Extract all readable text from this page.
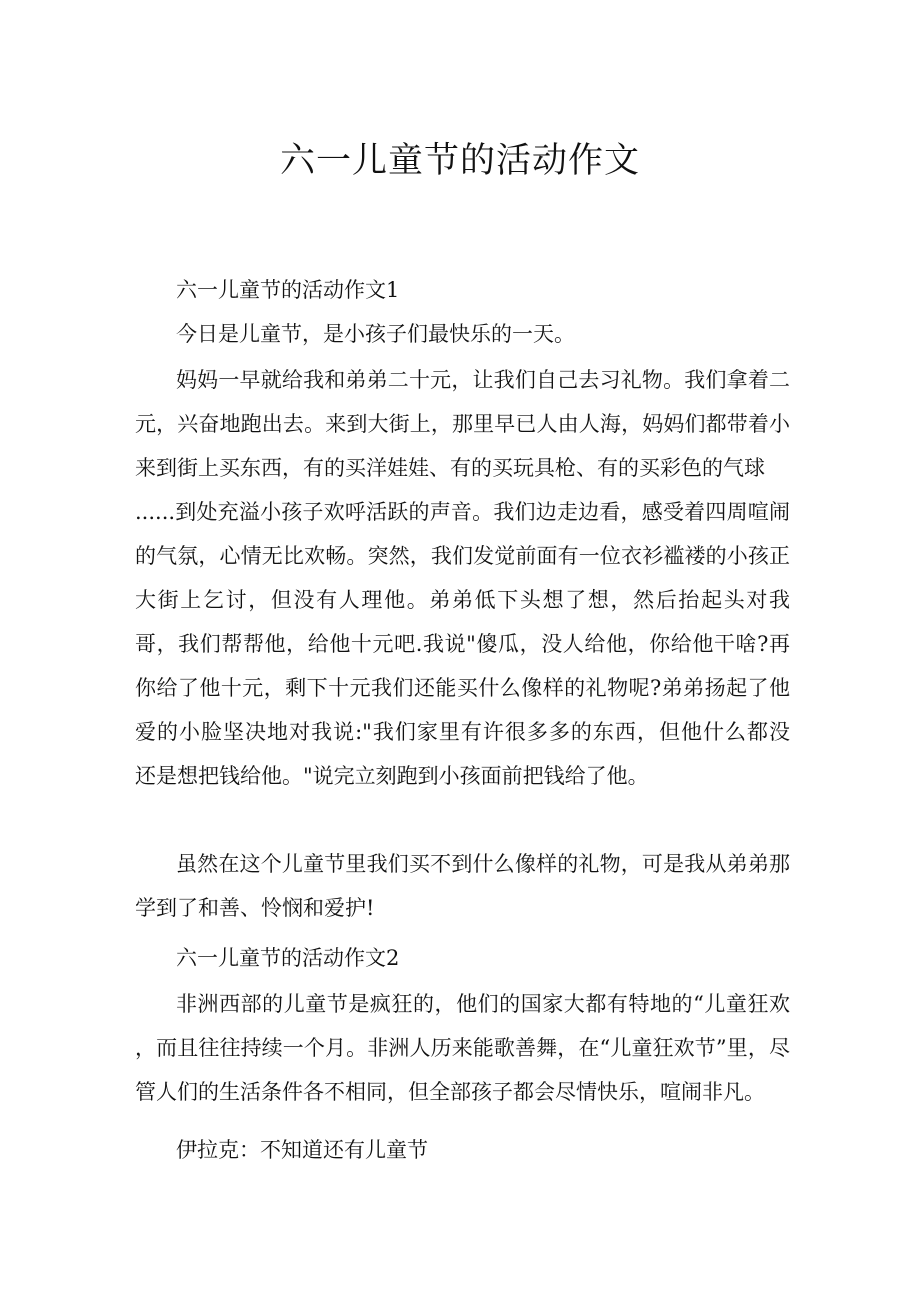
六一儿童节的活动作文
六一儿童节的活动作文1
今日是儿童节，是小孩子们最快乐的一天。
妈妈一早就给我和弟弟二十元，让我们自己去习礼物。我们拿着二
元，兴奋地跑出去。来到大街上，那里早已人由人海，妈妈们都带着小
来到街上买东西，有的买洋娃娃、有的买玩具枪、有的买彩色的气球
......到处充溢小孩子欢呼活跃的声音。我们边走边看，感受着四周喧闹
的气氛，心情无比欢畅。突然，我们发觉前面有一位衣衫褴褛的小孩正
大街上乞讨，但没有人理他。弟弟低下头想了想，然后抬起头对我
哥，我们帮帮他，给他十元吧.我说"傻瓜，没人给他，你给他干啥?再
你给了他十元，剩下十元我们还能买什么像样的礼物呢?弟弟扬起了他
爱的小脸坚决地对我说:"我们家里有许很多多的东西，但他什么都没
还是想把钱给他。"说完立刻跑到小孩面前把钱给了他。
虽然在这个儿童节里我们买不到什么像样的礼物，可是我从弟弟那
学到了和善、怜悯和爱护!
六一儿童节的活动作文2
非洲西部的儿童节是疯狂的，他们的国家大都有特地的“儿童狂欢
，而且往往持续一个月。非洲人历来能歌善舞，在“儿童狂欢节”里，尽
管人们的生活条件各不相同，但全部孩子都会尽情快乐，喧闹非凡。
伊拉克：不知道还有儿童节
